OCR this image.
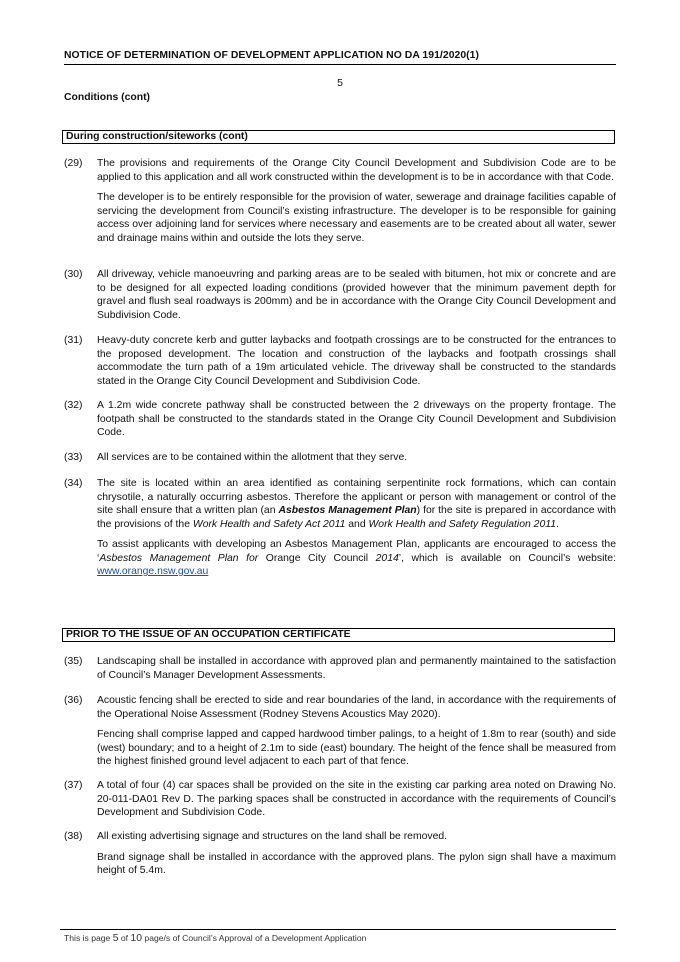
NOTICE OF DETERMINATION OF DEVELOPMENT APPLICATION NO DA 191/2020(1)
5
Conditions (cont)
During construction/siteworks (cont)
(29) The provisions and requirements of the Orange City Council Development and Subdivision Code are to be applied to this application and all work constructed within the development is to be in accordance with that Code.

The developer is to be entirely responsible for the provision of water, sewerage and drainage facilities capable of servicing the development from Council’s existing infrastructure. The developer is to be responsible for gaining access over adjoining land for services where necessary and easements are to be created about all water, sewer and drainage mains within and outside the lots they serve.

(30) All driveway, vehicle manoeuvring and parking areas are to be sealed with bitumen, hot mix or concrete and are to be designed for all expected loading conditions (provided however that the minimum pavement depth for gravel and flush seal roadways is 200mm) and be in accordance with the Orange City Council Development and Subdivision Code.

(31) Heavy-duty concrete kerb and gutter laybacks and footpath crossings are to be constructed for the entrances to the proposed development. The location and construction of the laybacks and footpath crossings shall accommodate the turn path of a 19m articulated vehicle. The driveway shall be constructed to the standards stated in the Orange City Council Development and Subdivision Code.

(32) A 1.2m wide concrete pathway shall be constructed between the 2 driveways on the property frontage. The footpath shall be constructed to the standards stated in the Orange City Council Development and Subdivision Code.

(33) All services are to be contained within the allotment that they serve.

(34) The site is located within an area identified as containing serpentinite rock formations, which can contain chrysotile, a naturally occurring asbestos. Therefore the applicant or person with management or control of the site shall ensure that a written plan (an Asbestos Management Plan) for the site is prepared in accordance with the provisions of the Work Health and Safety Act 2011 and Work Health and Safety Regulation 2011.

To assist applicants with developing an Asbestos Management Plan, applicants are encouraged to access the ‘Asbestos Management Plan for Orange City Council 2014’, which is available on Council’s website: www.orange.nsw.gov.au

PRIOR TO THE ISSUE OF AN OCCUPATION CERTIFICATE
(35) Landscaping shall be installed in accordance with approved plan and permanently maintained to the satisfaction of Council’s Manager Development Assessments.

(36) Acoustic fencing shall be erected to side and rear boundaries of the land, in accordance with the requirements of the Operational Noise Assessment (Rodney Stevens Acoustics May 2020).

Fencing shall comprise lapped and capped hardwood timber palings, to a height of 1.8m to rear (south) and side (west) boundary; and to a height of 2.1m to side (east) boundary. The height of the fence shall be measured from the highest finished ground level adjacent to each part of that fence.

(37) A total of four (4) car spaces shall be provided on the site in the existing car parking area noted on Drawing No. 20-011-DA01 Rev D. The parking spaces shall be constructed in accordance with the requirements of Council’s Development and Subdivision Code.

(38) All existing advertising signage and structures on the land shall be removed.

Brand signage shall be installed in accordance with the approved plans. The pylon sign shall have a maximum height of 5.4m.

This is page 5 of 10 page/s of Council’s Approval of a Development Application
